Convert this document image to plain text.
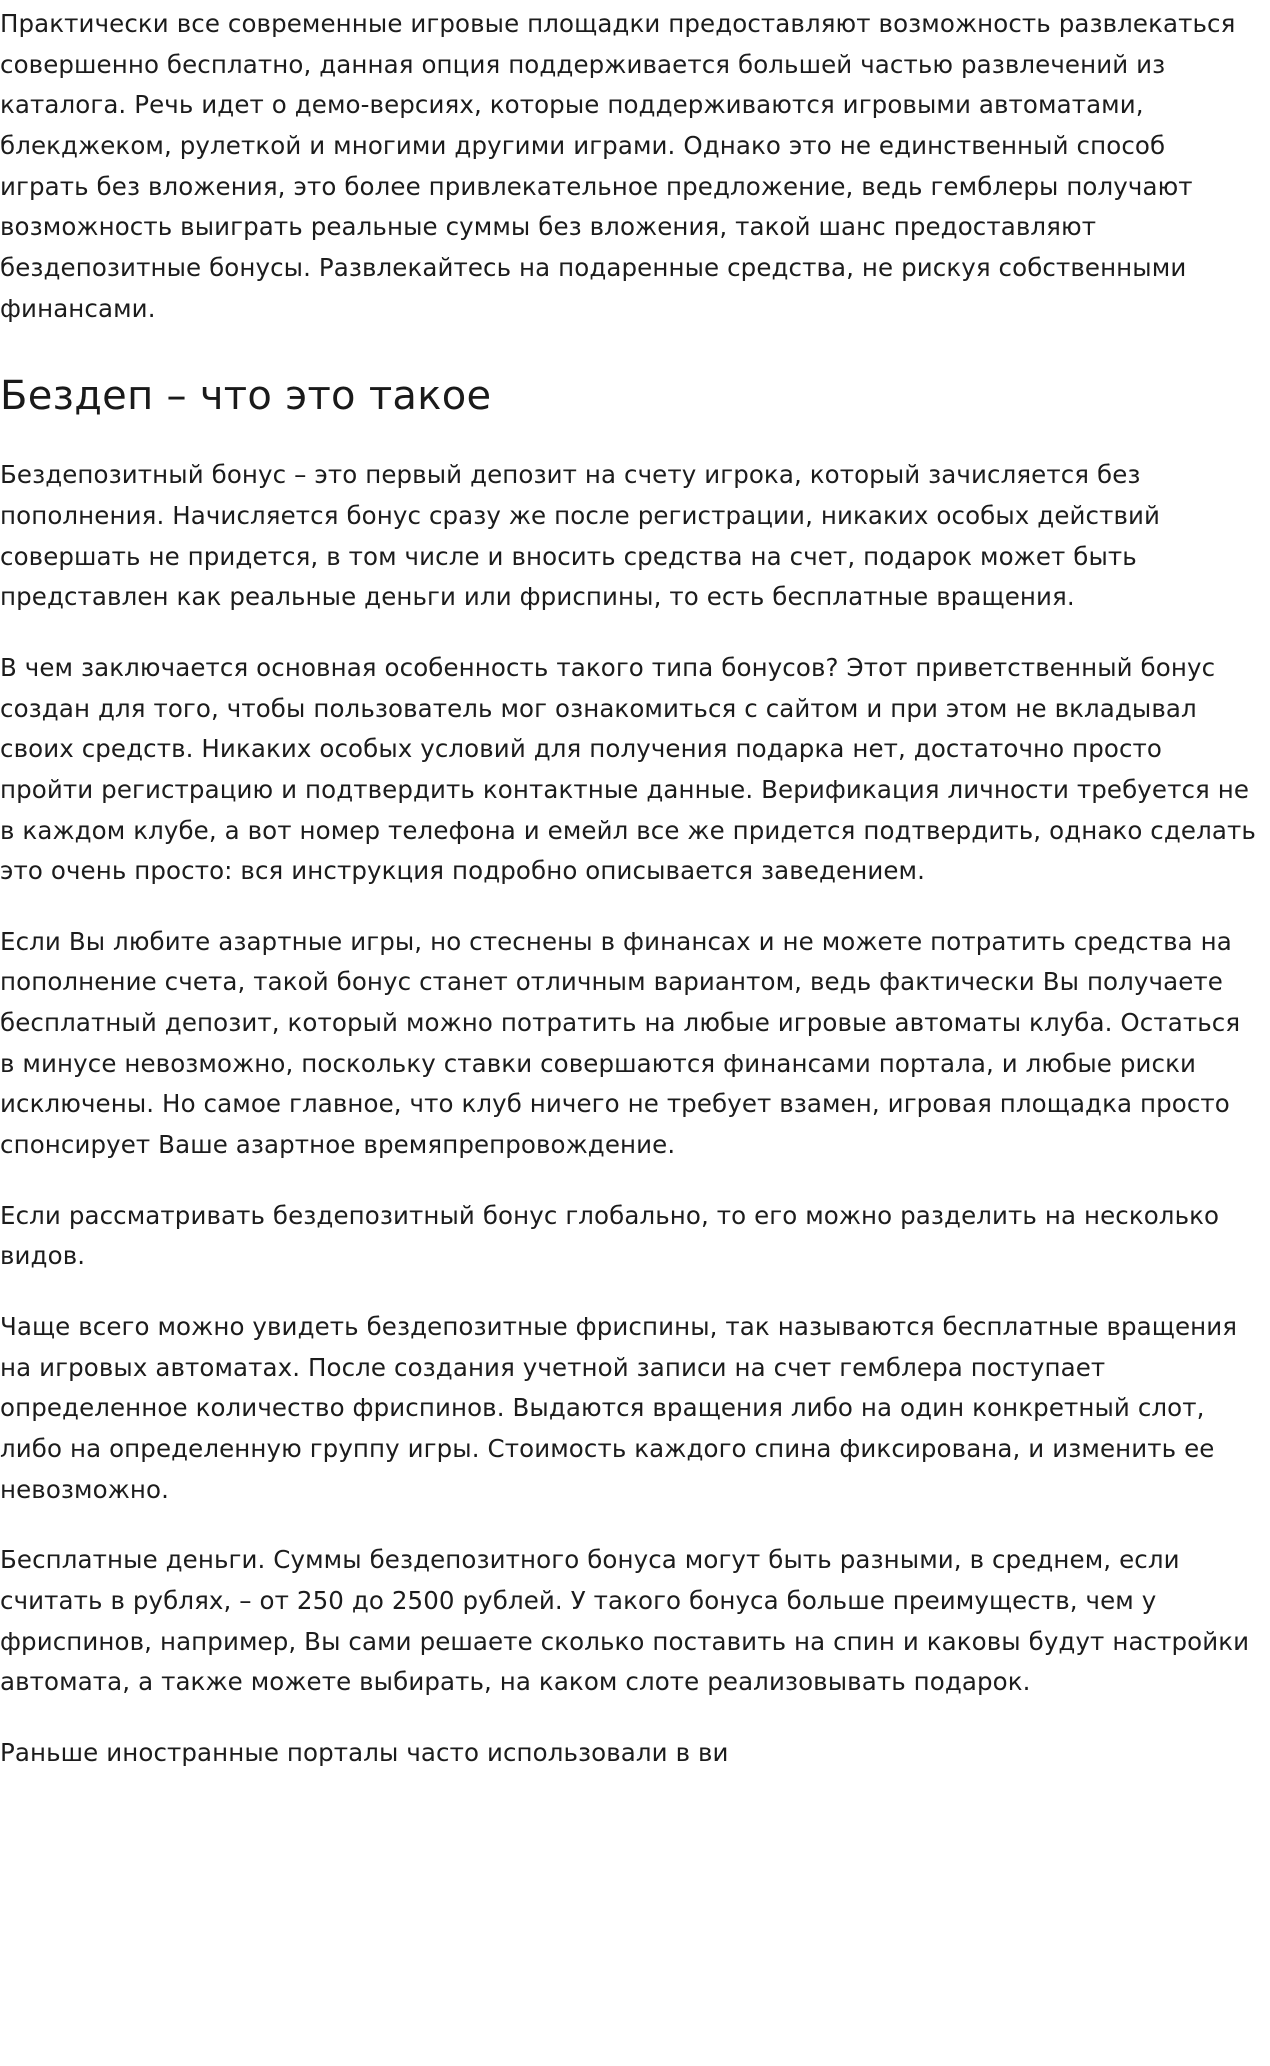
Практически все современные игровые площадки предоставляют возможность развлекаться совершенно бесплатно, данная опция поддерживается большей частью развлечений из каталога. Речь идет о демо-версиях, которые поддерживаются игровыми автоматами, блекджеком, рулеткой и многими другими играми. Однако это не единственный способ играть без вложения, это более привлекательное предложение, ведь гемблеры получают возможность выиграть реальные суммы без вложения, такой шанс предоставляют бездепозитные бонусы. Развлекайтесь на подаренные средства, не рискуя собственными финансами.

Бездеп – что это такое

Бездепозитный бонус – это первый депозит на счету игрока, который зачисляется без пополнения. Начисляется бонус сразу же после регистрации, никаких особых действий совершать не придется, в том числе и вносить средства на счет, подарок может быть представлен как реальные деньги или фриспины, то есть бесплатные вращения.

В чем заключается основная особенность такого типа бонусов? Этот приветственный бонус создан для того, чтобы пользователь мог ознакомиться с сайтом и при этом не вкладывал своих средств. Никаких особых условий для получения подарка нет, достаточно просто пройти регистрацию и подтвердить контактные данные. Верификация личности требуется не в каждом клубе, а вот номер телефона и емейл все же придется подтвердить, однако сделать это очень просто: вся инструкция подробно описывается заведением.

Если Вы любите азартные игры, но стеснены в финансах и не можете потратить средства на пополнение счета, такой бонус станет отличным вариантом, ведь фактически Вы получаете бесплатный депозит, который можно потратить на любые игровые автоматы клуба. Остаться в минусе невозможно, поскольку ставки совершаются финансами портала, и любые риски исключены. Но самое главное, что клуб ничего не требует взамен, игровая площадка просто спонсирует Ваше азартное времяпрепровождение.

Если рассматривать бездепозитный бонус глобально, то его можно разделить на несколько видов.

Чаще всего можно увидеть бездепозитные фриспины, так называются бесплатные вращения на игровых автоматах. После создания учетной записи на счет гемблера поступает определенное количество фриспинов. Выдаются вращения либо на один конкретный слот, либо на определенную группу игры. Стоимость каждого спина фиксирована, и изменить ее невозможно.

Бесплатные деньги. Суммы бездепозитного бонуса могут быть разными, в среднем, если считать в рублях, – от 250 до 2500 рублей. У такого бонуса больше преимуществ, чем у фриспинов, например, Вы сами решаете сколько поставить на спин и каковы будут настройки автомата, а также можете выбирать, на каком слоте реализовывать подарок.

Раньше иностранные порталы часто использовали в ви
